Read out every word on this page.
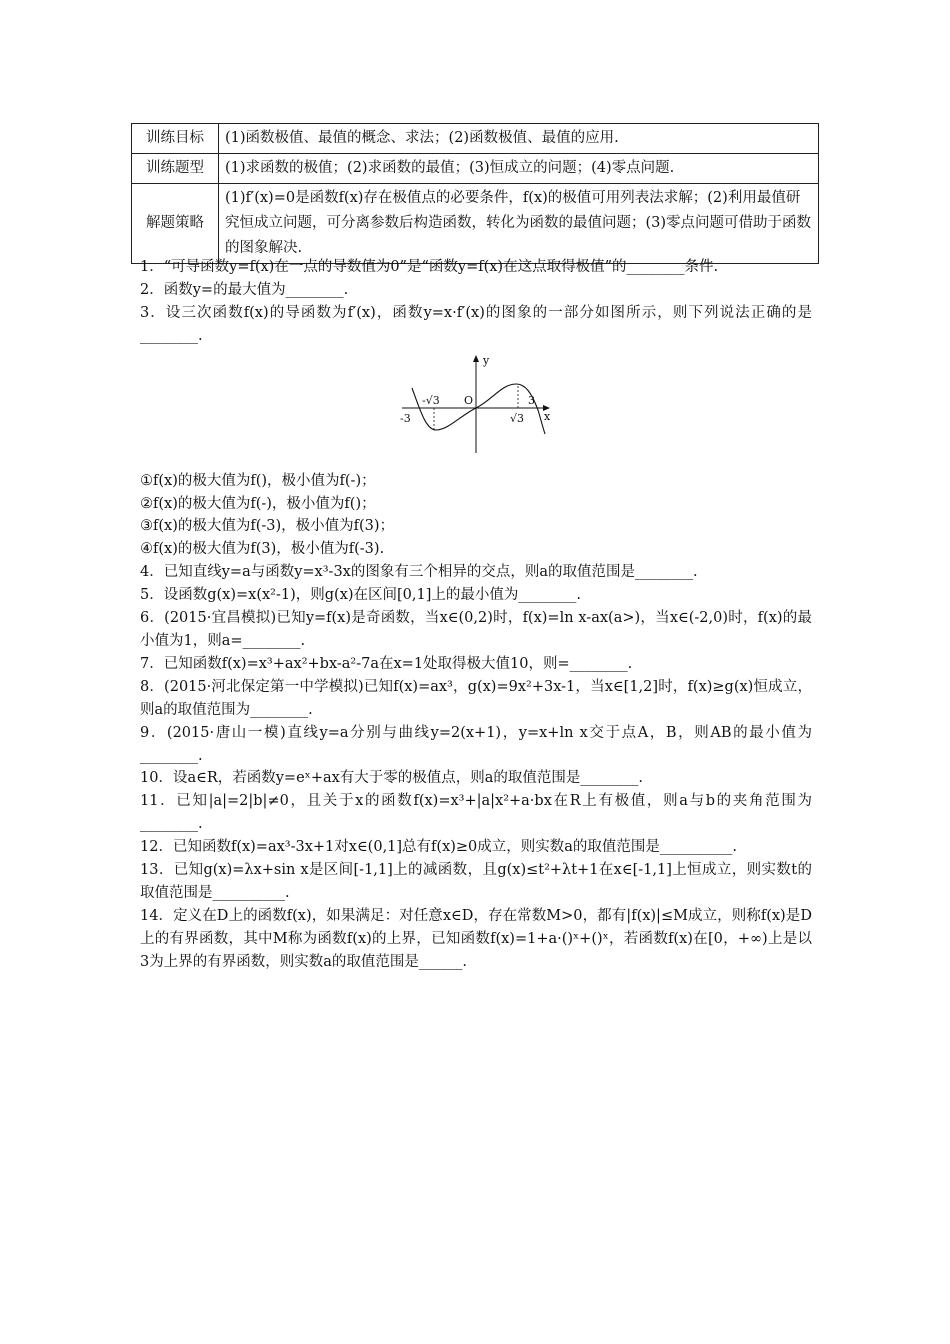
训练目标	(1)函数极值、最值的概念、求法；(2)函数极值、最值的应用.
训练题型	(1)求函数的极值；(2)求函数的最值；(3)恒成立的问题；(4)零点问题.
解题策略	(1)f′(x)=0是函数f(x)存在极值点的必要条件，f(x)的极值可用列表法求解；(2)利用最值研究恒成立问题，可分离参数后构造函数，转化为函数的最值问题；(3)零点问题可借助于函数的图象解决.

1．“可导函数y=f(x)在一点的导数值为0”是“函数y=f(x)在这点取得极值”的________条件.

2．函数y=的最大值为________.

3．设三次函数f(x)的导函数为f′(x)，函数y=x·f′(x)的图象的一部分如图所示，则下列说法正确的是________.

y
x
O
-√3
√3
3
-3

①f(x)的极大值为f()，极小值为f(-)；

②f(x)的极大值为f(-)，极小值为f()；

③f(x)的极大值为f(-3)，极小值为f(3)；

④f(x)的极大值为f(3)，极小值为f(-3).

4．已知直线y=a与函数y=x³-3x的图象有三个相异的交点，则a的取值范围是________.

5．设函数g(x)=x(x²-1)，则g(x)在区间[0,1]上的最小值为________.

6．(2015·宜昌模拟)已知y=f(x)是奇函数，当x∈(0,2)时，f(x)=ln x-ax(a>)，当x∈(-2,0)时，f(x)的最小值为1，则a=________.

7．已知函数f(x)=x³+ax²+bx-a²-7a在x=1处取得极大值10，则=________.

8．(2015·河北保定第一中学模拟)已知f(x)=ax³，g(x)=9x²+3x-1，当x∈[1,2]时，f(x)≥g(x)恒成立，则a的取值范围为________.

9．(2015·唐山一模)直线y=a分别与曲线y=2(x+1)，y=x+ln x交于点A，B，则AB的最小值为________.

10．设a∈R，若函数y=eˣ+ax有大于零的极值点，则a的取值范围是________.

11．已知|a|=2|b|≠0，且关于x的函数f(x)=x³+|a|x²+a·bx在R上有极值，则a与b的夹角范围为________.

12．已知函数f(x)=ax³-3x+1对x∈(0,1]总有f(x)≥0成立，则实数a的取值范围是__________.

13．已知g(x)=λx+sin x是区间[-1,1]上的减函数，且g(x)≤t²+λt+1在x∈[-1,1]上恒成立，则实数t的取值范围是__________.

14．定义在D上的函数f(x)，如果满足：对任意x∈D，存在常数M>0，都有|f(x)|≤M成立，则称f(x)是D上的有界函数，其中M称为函数f(x)的上界，已知函数f(x)=1+a·()ˣ+()ˣ，若函数f(x)在[0，+∞)上是以3为上界的有界函数，则实数a的取值范围是______.
